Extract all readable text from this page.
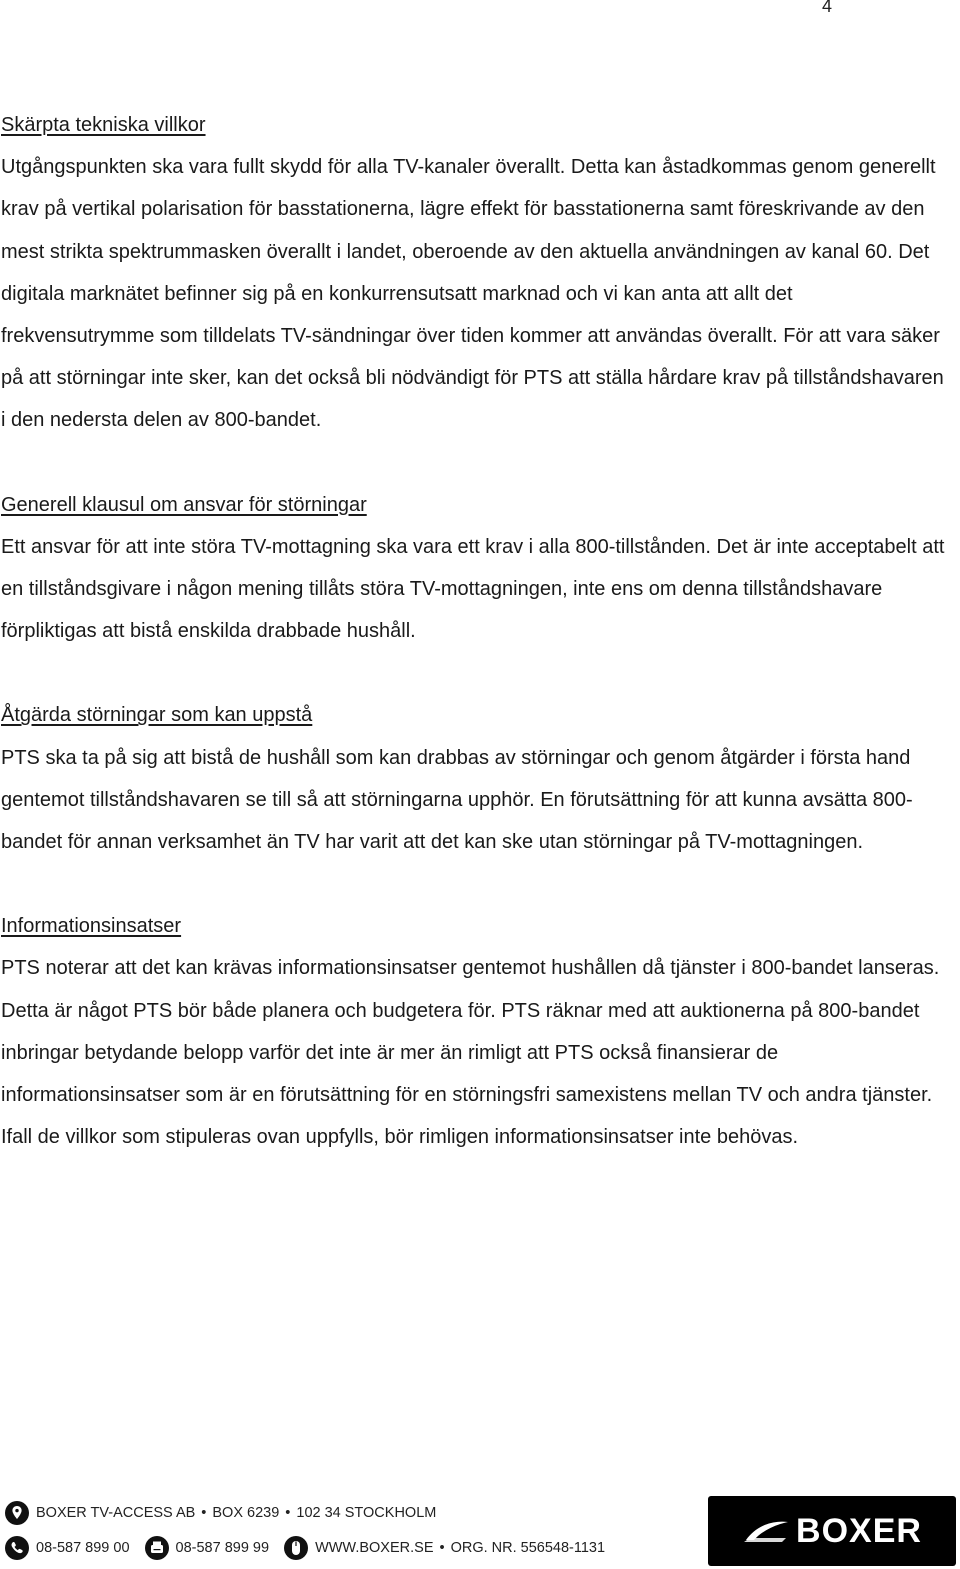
4

Skärpta tekniska villkor

Utgångspunkten ska vara fullt skydd för alla TV-kanaler överallt. Detta kan åstadkommas genom generellt krav på vertikal polarisation för basstationerna, lägre effekt för basstationerna samt föreskrivande av den mest strikta spektrummasken överallt i landet, oberoende av den aktuella användningen av kanal 60. Det digitala marknätet befinner sig på en konkurrensutsatt marknad och vi kan anta att allt det frekvensutrymme som tilldelats TV-sändningar över tiden kommer att användas överallt. För att vara säker på att störningar inte sker, kan det också bli nödvändigt för PTS att ställa hårdare krav på tillståndshavaren i den nedersta delen av 800-bandet.

Generell klausul om ansvar för störningar

Ett ansvar för att inte störa TV-mottagning ska vara ett krav i alla 800-tillstånden. Det är inte acceptabelt att en tillståndsgivare i någon mening tillåts störa TV-mottagningen, inte ens om denna tillståndshavare förpliktigas att bistå enskilda drabbade hushåll.

Åtgärda störningar som kan uppstå

PTS ska ta på sig att bistå de hushåll som kan drabbas av störningar och genom åtgärder i första hand gentemot tillståndshavaren se till så att störningarna upphör. En förutsättning för att kunna avsätta 800-bandet för annan verksamhet än TV har varit att det kan ske utan störningar på TV-mottagningen.

Informationsinsatser

PTS noterar att det kan krävas informationsinsatser gentemot hushållen då tjänster i 800-bandet lanseras. Detta är något PTS bör både planera och budgetera för. PTS räknar med att auktionerna på 800-bandet inbringar betydande belopp varför det inte är mer än rimligt att PTS också finansierar de informationsinsatser som är en förutsättning för en störningsfri samexistens mellan TV och andra tjänster. Ifall de villkor som stipuleras ovan uppfylls, bör rimligen informationsinsatser inte behövas.

BOXER TV-ACCESS AB • BOX 6239 • 102 34 STOCKHOLM
08-587 899 00	08-587 899 99	WWW.BOXER.SE • ORG. NR. 556548-1131	BOXER
